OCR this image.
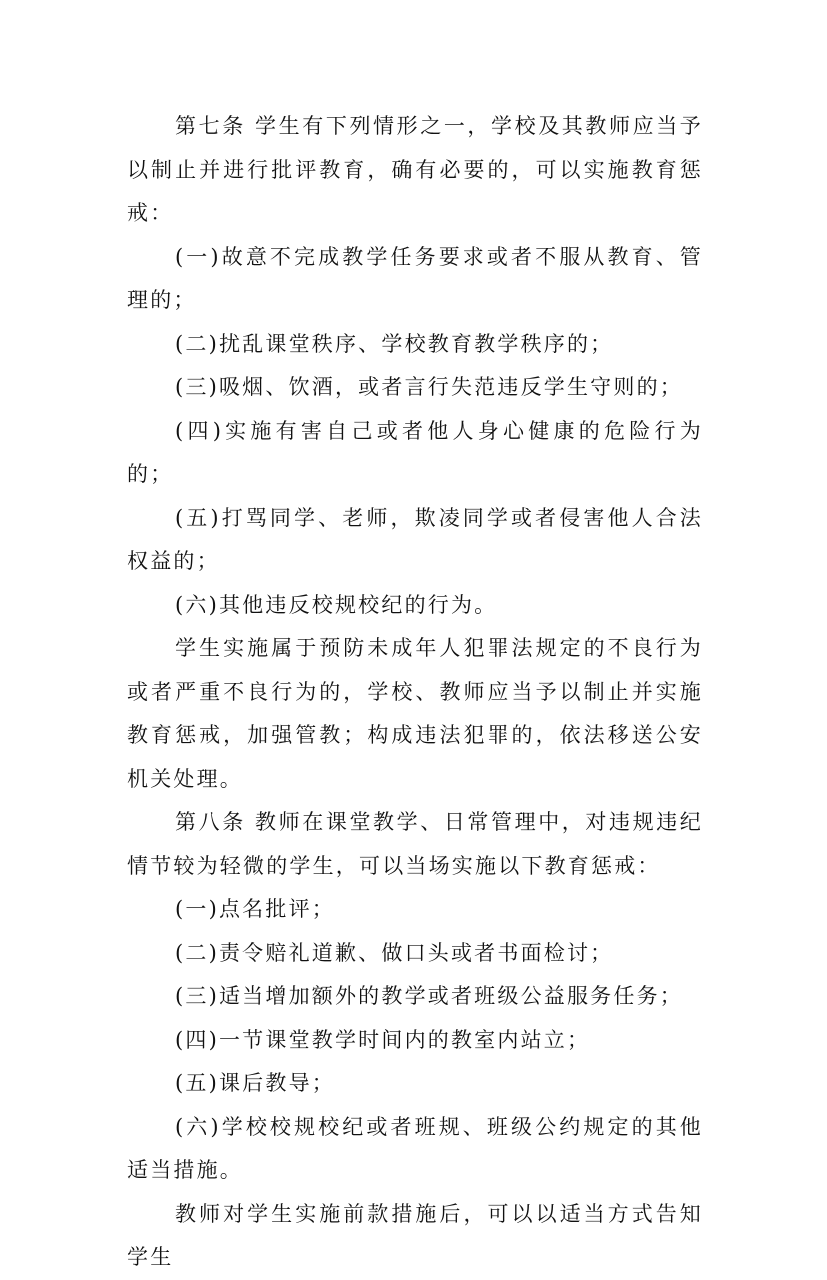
第七条 学生有下列情形之一，学校及其教师应当予以制止并进行批评教育，确有必要的，可以实施教育惩戒：

(一)故意不完成教学任务要求或者不服从教育、管理的；

(二)扰乱课堂秩序、学校教育教学秩序的；

(三)吸烟、饮酒，或者言行失范违反学生守则的；

(四)实施有害自己或者他人身心健康的危险行为的；

(五)打骂同学、老师，欺凌同学或者侵害他人合法权益的；

(六)其他违反校规校纪的行为。

学生实施属于预防未成年人犯罪法规定的不良行为或者严重不良行为的，学校、教师应当予以制止并实施教育惩戒，加强管教；构成违法犯罪的，依法移送公安机关处理。

第八条 教师在课堂教学、日常管理中，对违规违纪情节较为轻微的学生，可以当场实施以下教育惩戒：

(一)点名批评；

(二)责令赔礼道歉、做口头或者书面检讨；

(三)适当增加额外的教学或者班级公益服务任务；

(四)一节课堂教学时间内的教室内站立；

(五)课后教导；

(六)学校校规校纪或者班规、班级公约规定的其他适当措施。

教师对学生实施前款措施后，可以以适当方式告知学生
